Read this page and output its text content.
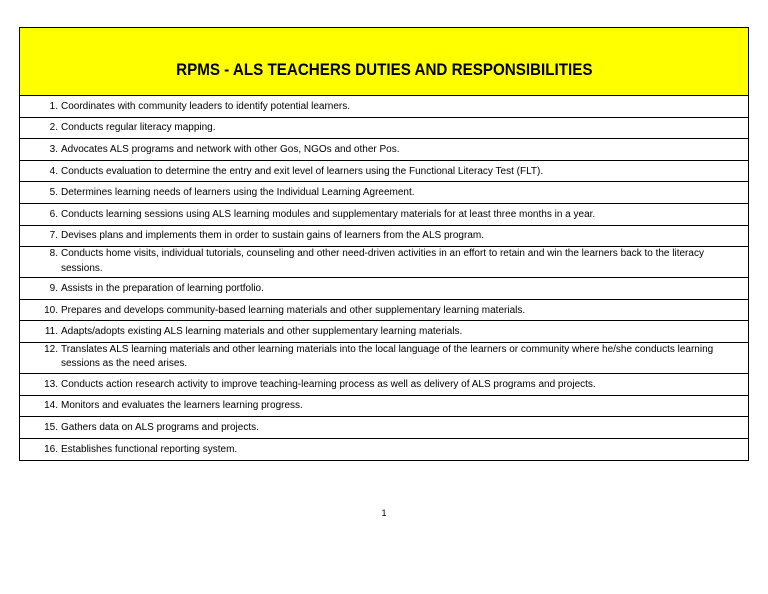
RPMS - ALS TEACHERS DUTIES AND RESPONSIBILITIES
1. Coordinates with community leaders to identify potential learners.
2. Conducts regular literacy mapping.
3. Advocates ALS programs and network with other Gos, NGOs and other Pos.
4. Conducts evaluation to determine the entry and exit level of learners using the Functional Literacy Test (FLT).
5. Determines learning needs of learners using the Individual Learning Agreement.
6. Conducts learning sessions using ALS learning modules and supplementary materials for at least three months in a year.
7. Devises plans and implements them in order to sustain gains of learners from the ALS program.
8. Conducts home visits, individual tutorials, counseling and other need-driven activities in an effort to retain and win the learners back to the literacy sessions.
9. Assists in the preparation of learning portfolio.
10. Prepares and develops community-based learning materials and other supplementary learning materials.
11. Adapts/adopts existing ALS learning materials and other supplementary learning materials.
12. Translates ALS learning materials and other learning materials into the local language of the learners or community where he/she conducts learning sessions as the need arises.
13. Conducts action research activity to improve teaching-learning process as well as delivery of ALS programs and projects.
14. Monitors and evaluates the learners learning progress.
15. Gathers data on ALS programs and projects.
16. Establishes functional reporting system.
1
